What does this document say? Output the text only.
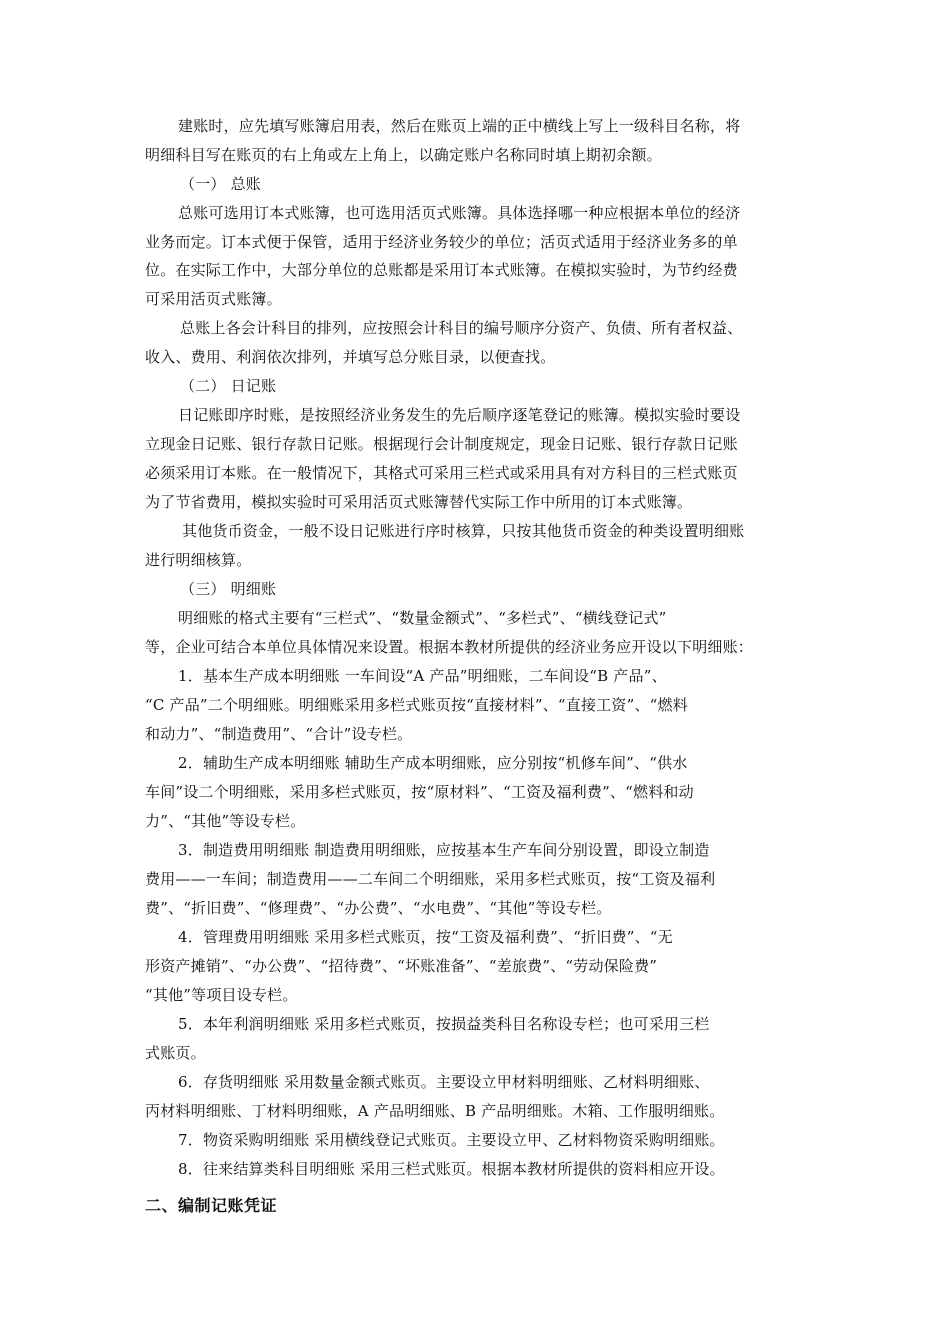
建账时，应先填写账簿启用表，然后在账页上端的正中横线上写上一级科目名称，将
明细科目写在账页的右上角或左上角上，以确定账户名称同时填上期初余额。
（一） 总账
总账可选用订本式账簿，也可选用活页式账簿。具体选择哪一种应根据本单位的经济
业务而定。订本式便于保管，适用于经济业务较少的单位；活页式适用于经济业务多的单
位。在实际工作中，大部分单位的总账都是采用订本式账簿。在模拟实验时，为节约经费
可采用活页式账簿。
总账上各会计科目的排列，应按照会计科目的编号顺序分资产、负债、所有者权益、
收入、费用、利润依次排列，并填写总分账目录，以便查找。
（二） 日记账
日记账即序时账，是按照经济业务发生的先后顺序逐笔登记的账簿。模拟实验时要设
立现金日记账、银行存款日记账。根据现行会计制度规定，现金日记账、银行存款日记账
必须采用订本账。在一般情况下，其格式可采用三栏式或采用具有对方科目的三栏式账页
为了节省费用，模拟实验时可采用活页式账簿替代实际工作中所用的订本式账簿。
其他货币资金，一般不设日记账进行序时核算，只按其他货币资金的种类设置明细账
进行明细核算。
（三） 明细账
明细账的格式主要有“三栏式”、“数量金额式”、“多栏式”、“横线登记式”
等，企业可结合本单位具体情况来设置。根据本教材所提供的经济业务应开设以下明细账：
1．基本生产成本明细账 一车间设“A 产品”明细账，二车间设“B 产品”、
“C 产品”二个明细账。明细账采用多栏式账页按“直接材料”、“直接工资”、“燃料
和动力”、“制造费用”、“合计”设专栏。
2．辅助生产成本明细账 辅助生产成本明细账，应分别按“机修车间”、“供水
车间”设二个明细账，采用多栏式账页，按“原材料”、“工资及福利费”、“燃料和动
力”、“其他”等设专栏。
3．制造费用明细账 制造费用明细账，应按基本生产车间分别设置，即设立制造
费用——一车间；制造费用——二车间二个明细账，采用多栏式账页，按“工资及福利
费”、“折旧费”、“修理费”、“办公费”、“水电费”、“其他”等设专栏。
4．管理费用明细账 采用多栏式账页，按“工资及福利费”、“折旧费”、“无
形资产摊销”、“办公费”、“招待费”、“坏账准备”、“差旅费”、“劳动保险费”
“其他”等项目设专栏。
5．本年利润明细账 采用多栏式账页，按损益类科目名称设专栏；也可采用三栏
式账页。
6．存货明细账 采用数量金额式账页。主要设立甲材料明细账、乙材料明细账、
丙材料明细账、丁材料明细账，A 产品明细账、B 产品明细账。木箱、工作服明细账。
7．物资采购明细账 采用横线登记式账页。主要设立甲、乙材料物资采购明细账。
8．往来结算类科目明细账 采用三栏式账页。根据本教材所提供的资料相应开设。
二、编制记账凭证
